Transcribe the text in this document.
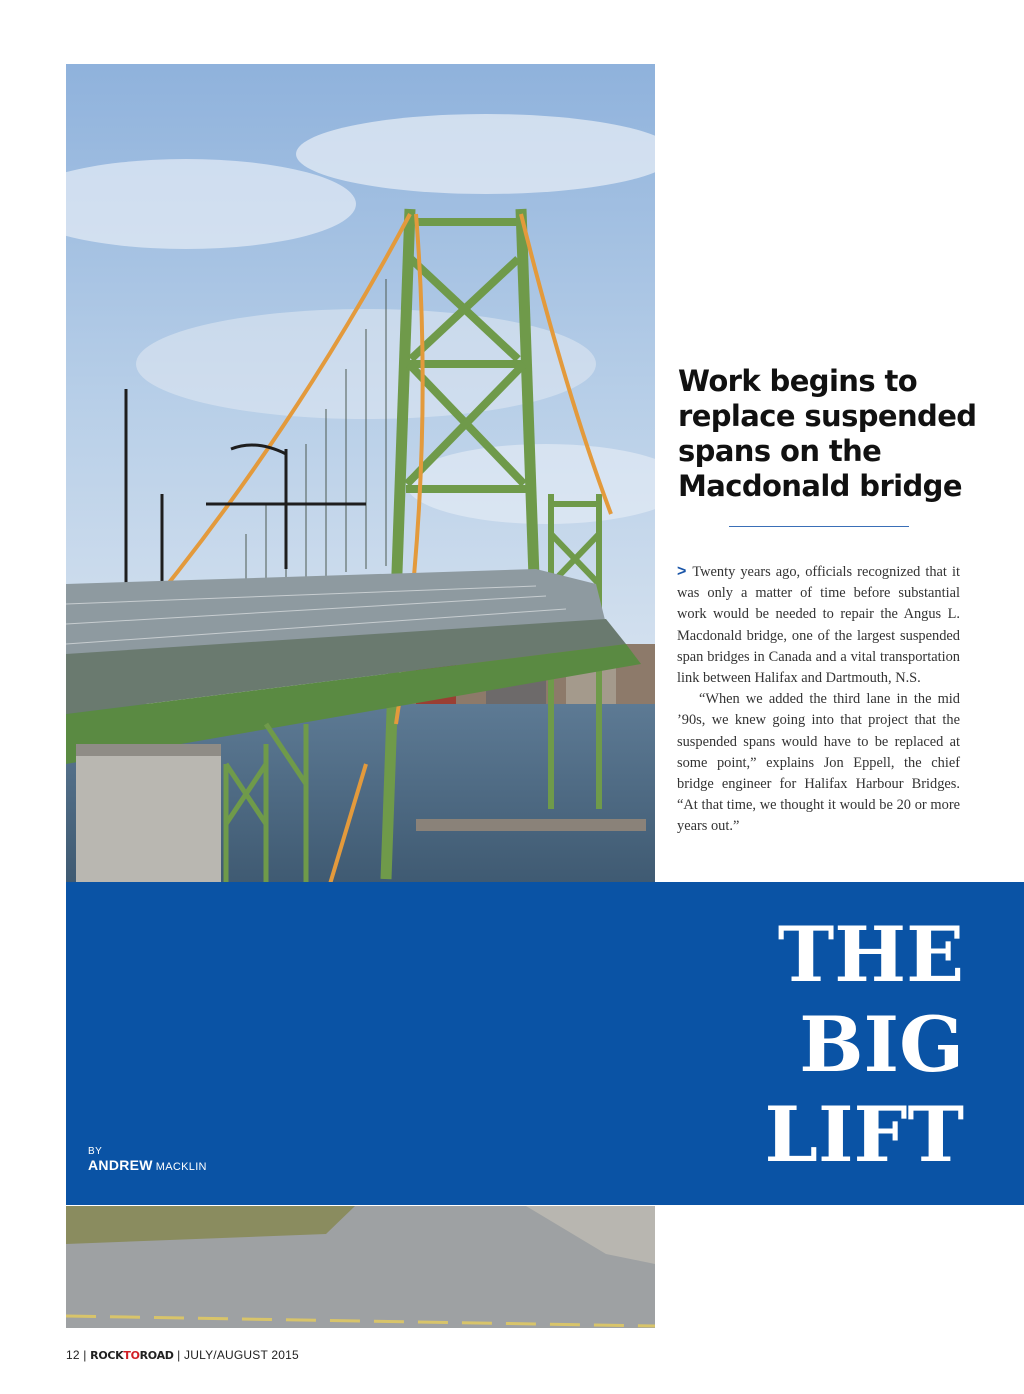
Work begins to replace suspended spans on the Macdonald bridge

> Twenty years ago, officials recognized that it was only a matter of time before substantial work would be needed to repair the Angus L. Macdonald bridge, one of the largest suspended span bridges in Canada and a vital transportation link between Halifax and Dartmouth, N.S.

“When we added the third lane in the mid ’90s, we knew going into that project that the suspended spans would have to be replaced at some point,” explains Jon Eppell, the chief bridge engineer for Halifax Harbour Bridges. “At that time, we thought it would be 20 or more years out.”

THE
BIG
LIFT
BY
ANDREW MACKLIN
12 | ROCKTOROAD | JULY/AUGUST 2015
